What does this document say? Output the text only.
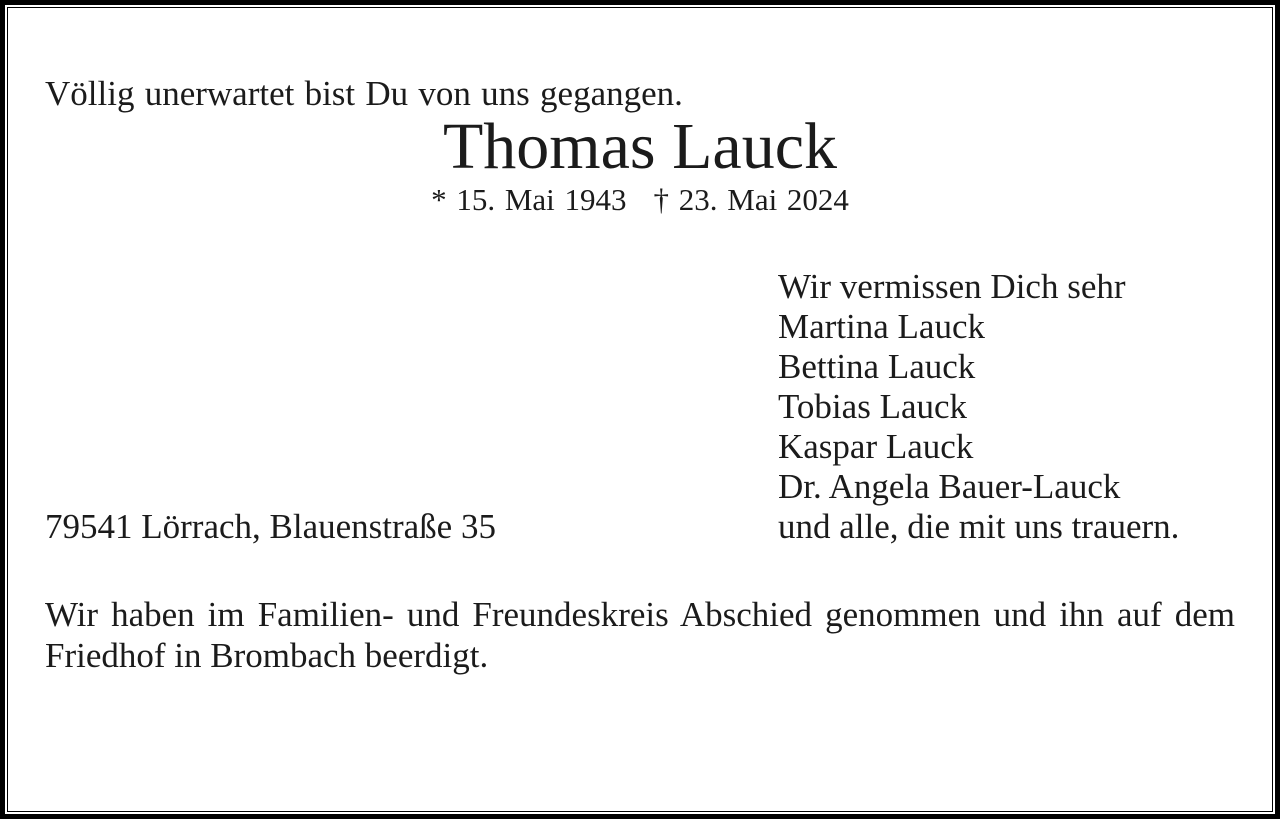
Völlig unerwartet bist Du von uns gegangen.

Thomas Lauck

* 15. Mai 1943 † 23. Mai 2024

79541 Lörrach, Blauenstraße 35

Wir vermissen Dich sehr

Martina Lauck

Bettina Lauck

Tobias Lauck

Kaspar Lauck

Dr. Angela Bauer-Lauck

und alle, die mit uns trauern.

Wir haben im Familien- und Freundeskreis Abschied genommen und ihn auf dem

Friedhof in Brombach beerdigt.
